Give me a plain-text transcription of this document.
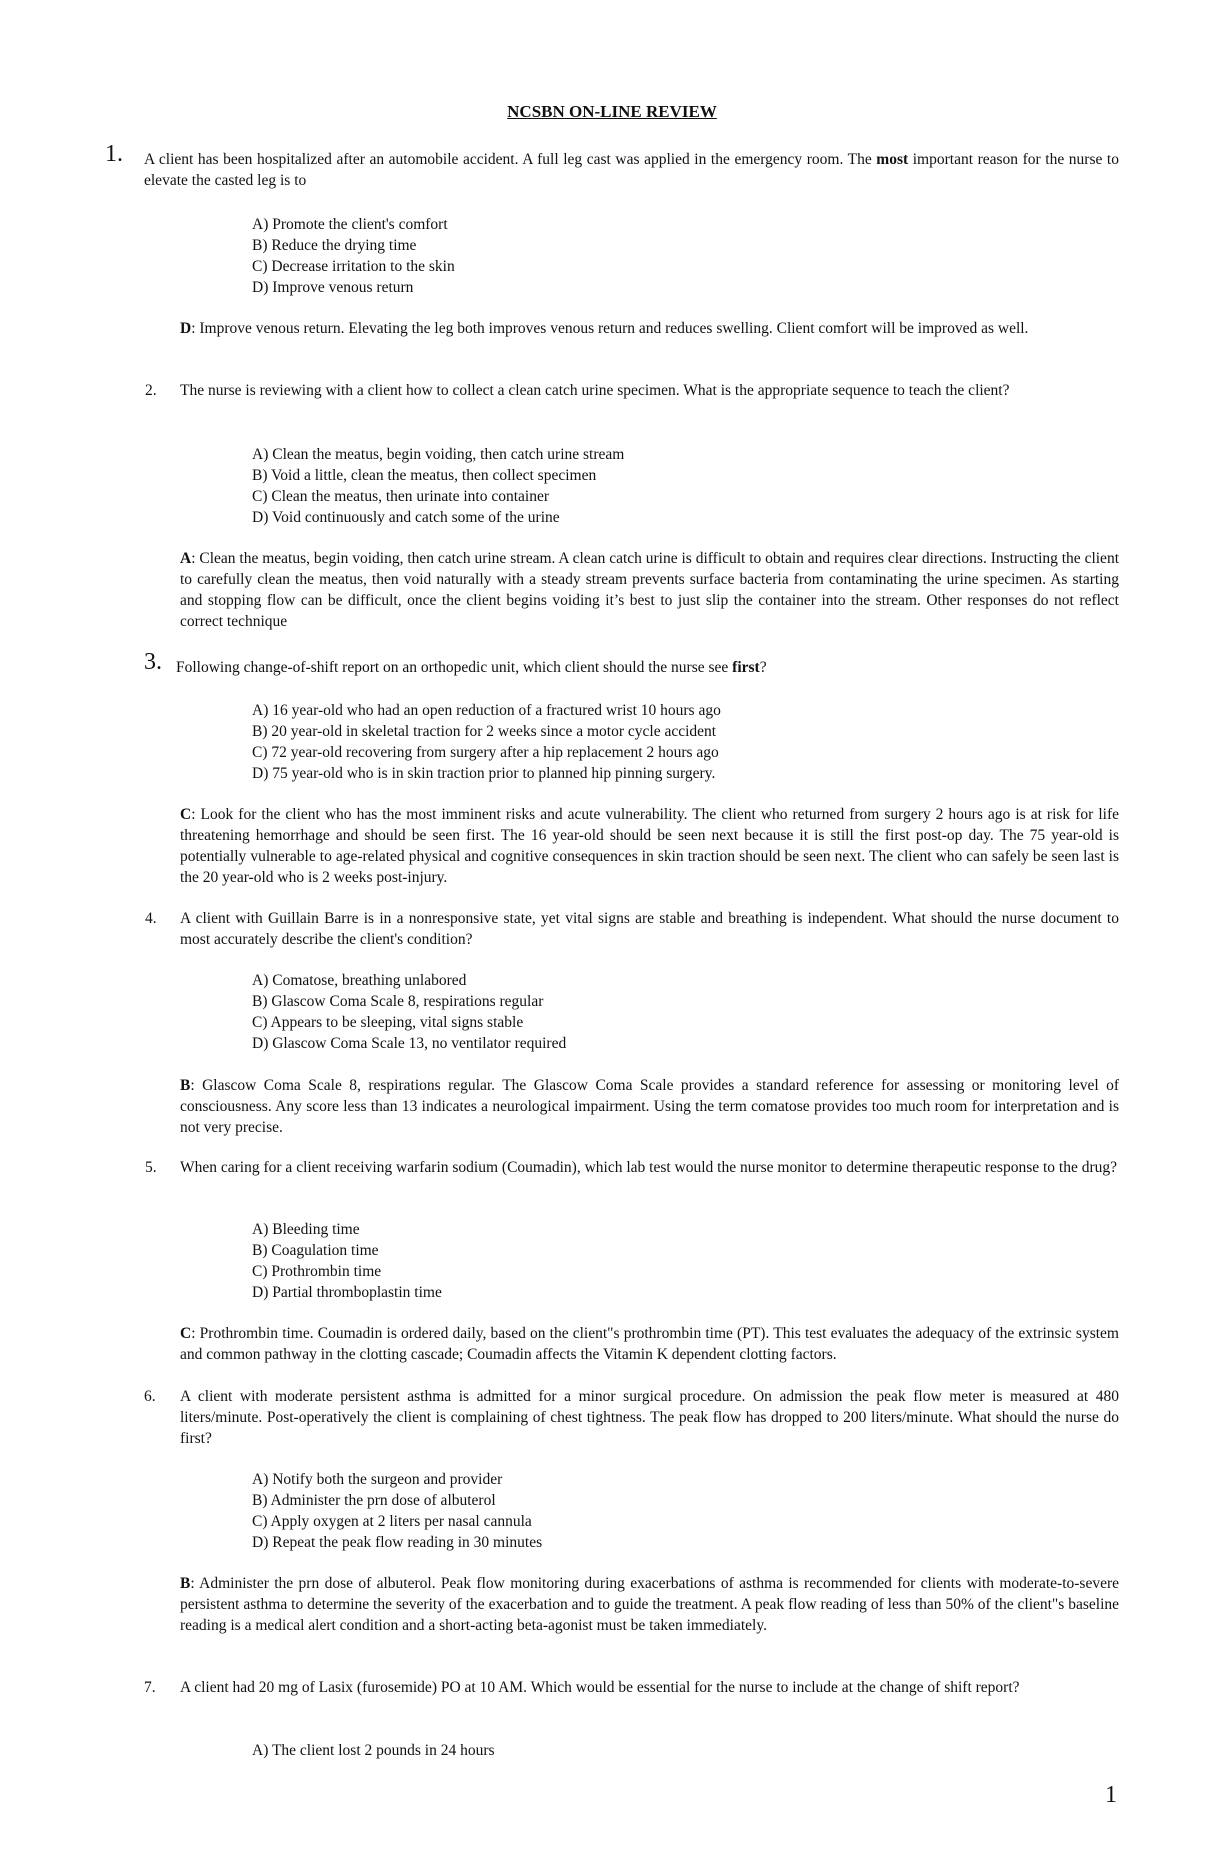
NCSBN ON-LINE REVIEW
1. A client has been hospitalized after an automobile accident. A full leg cast was applied in the emergency room. The most important reason for the nurse to elevate the casted leg is to
A) Promote the client's comfort
B) Reduce the drying time
C) Decrease irritation to the skin
D) Improve venous return
D: Improve venous return. Elevating the leg both improves venous return and reduces swelling. Client comfort will be improved as well.
2. The nurse is reviewing with a client how to collect a clean catch urine specimen. What is the appropriate sequence to teach the client?
A) Clean the meatus, begin voiding, then catch urine stream
B) Void a little, clean the meatus, then collect specimen
C) Clean the meatus, then urinate into container
D) Void continuously and catch some of the urine
A: Clean the meatus, begin voiding, then catch urine stream. A clean catch urine is difficult to obtain and requires clear directions. Instructing the client to carefully clean the meatus, then void naturally with a steady stream prevents surface bacteria from contaminating the urine specimen. As starting and stopping flow can be difficult, once the client begins voiding it’s best to just slip the container into the stream. Other responses do not reflect correct technique
3. Following change-of-shift report on an orthopedic unit, which client should the nurse see first?
A) 16 year-old who had an open reduction of a fractured wrist 10 hours ago
B) 20 year-old in skeletal traction for 2 weeks since a motor cycle accident
C) 72 year-old recovering from surgery after a hip replacement 2 hours ago
D) 75 year-old who is in skin traction prior to planned hip pinning surgery.
C: Look for the client who has the most imminent risks and acute vulnerability. The client who returned from surgery 2 hours ago is at risk for life threatening hemorrhage and should be seen first. The 16 year-old should be seen next because it is still the first post-op day. The 75 year-old is potentially vulnerable to age-related physical and cognitive consequences in skin traction should be seen next. The client who can safely be seen last is the 20 year-old who is 2 weeks post-injury.
4. A client with Guillain Barre is in a nonresponsive state, yet vital signs are stable and breathing is independent. What should the nurse document to most accurately describe the client's condition?
A) Comatose, breathing unlabored
B) Glascow Coma Scale 8, respirations regular
C) Appears to be sleeping, vital signs stable
D) Glascow Coma Scale 13, no ventilator required
B: Glascow Coma Scale 8, respirations regular. The Glascow Coma Scale provides a standard reference for assessing or monitoring level of consciousness. Any score less than 13 indicates a neurological impairment. Using the term comatose provides too much room for interpretation and is not very precise.
5. When caring for a client receiving warfarin sodium (Coumadin), which lab test would the nurse monitor to determine therapeutic response to the drug?
A) Bleeding time
B) Coagulation time
C) Prothrombin time
D) Partial thromboplastin time
C: Prothrombin time. Coumadin is ordered daily, based on the client"s prothrombin time (PT). This test evaluates the adequacy of the extrinsic system and common pathway in the clotting cascade; Coumadin affects the Vitamin K dependent clotting factors.
6. A client with moderate persistent asthma is admitted for a minor surgical procedure. On admission the peak flow meter is measured at 480 liters/minute. Post-operatively the client is complaining of chest tightness. The peak flow has dropped to 200 liters/minute. What should the nurse do first?
A) Notify both the surgeon and provider
B) Administer the prn dose of albuterol
C) Apply oxygen at 2 liters per nasal cannula
D) Repeat the peak flow reading in 30 minutes
B: Administer the prn dose of albuterol. Peak flow monitoring during exacerbations of asthma is recommended for clients with moderate-to-severe persistent asthma to determine the severity of the exacerbation and to guide the treatment. A peak flow reading of less than 50% of the client"s baseline reading is a medical alert condition and a short-acting beta-agonist must be taken immediately.
7. A client had 20 mg of Lasix (furosemide) PO at 10 AM. Which would be essential for the nurse to include at the change of shift report?
A) The client lost 2 pounds in 24 hours
1
